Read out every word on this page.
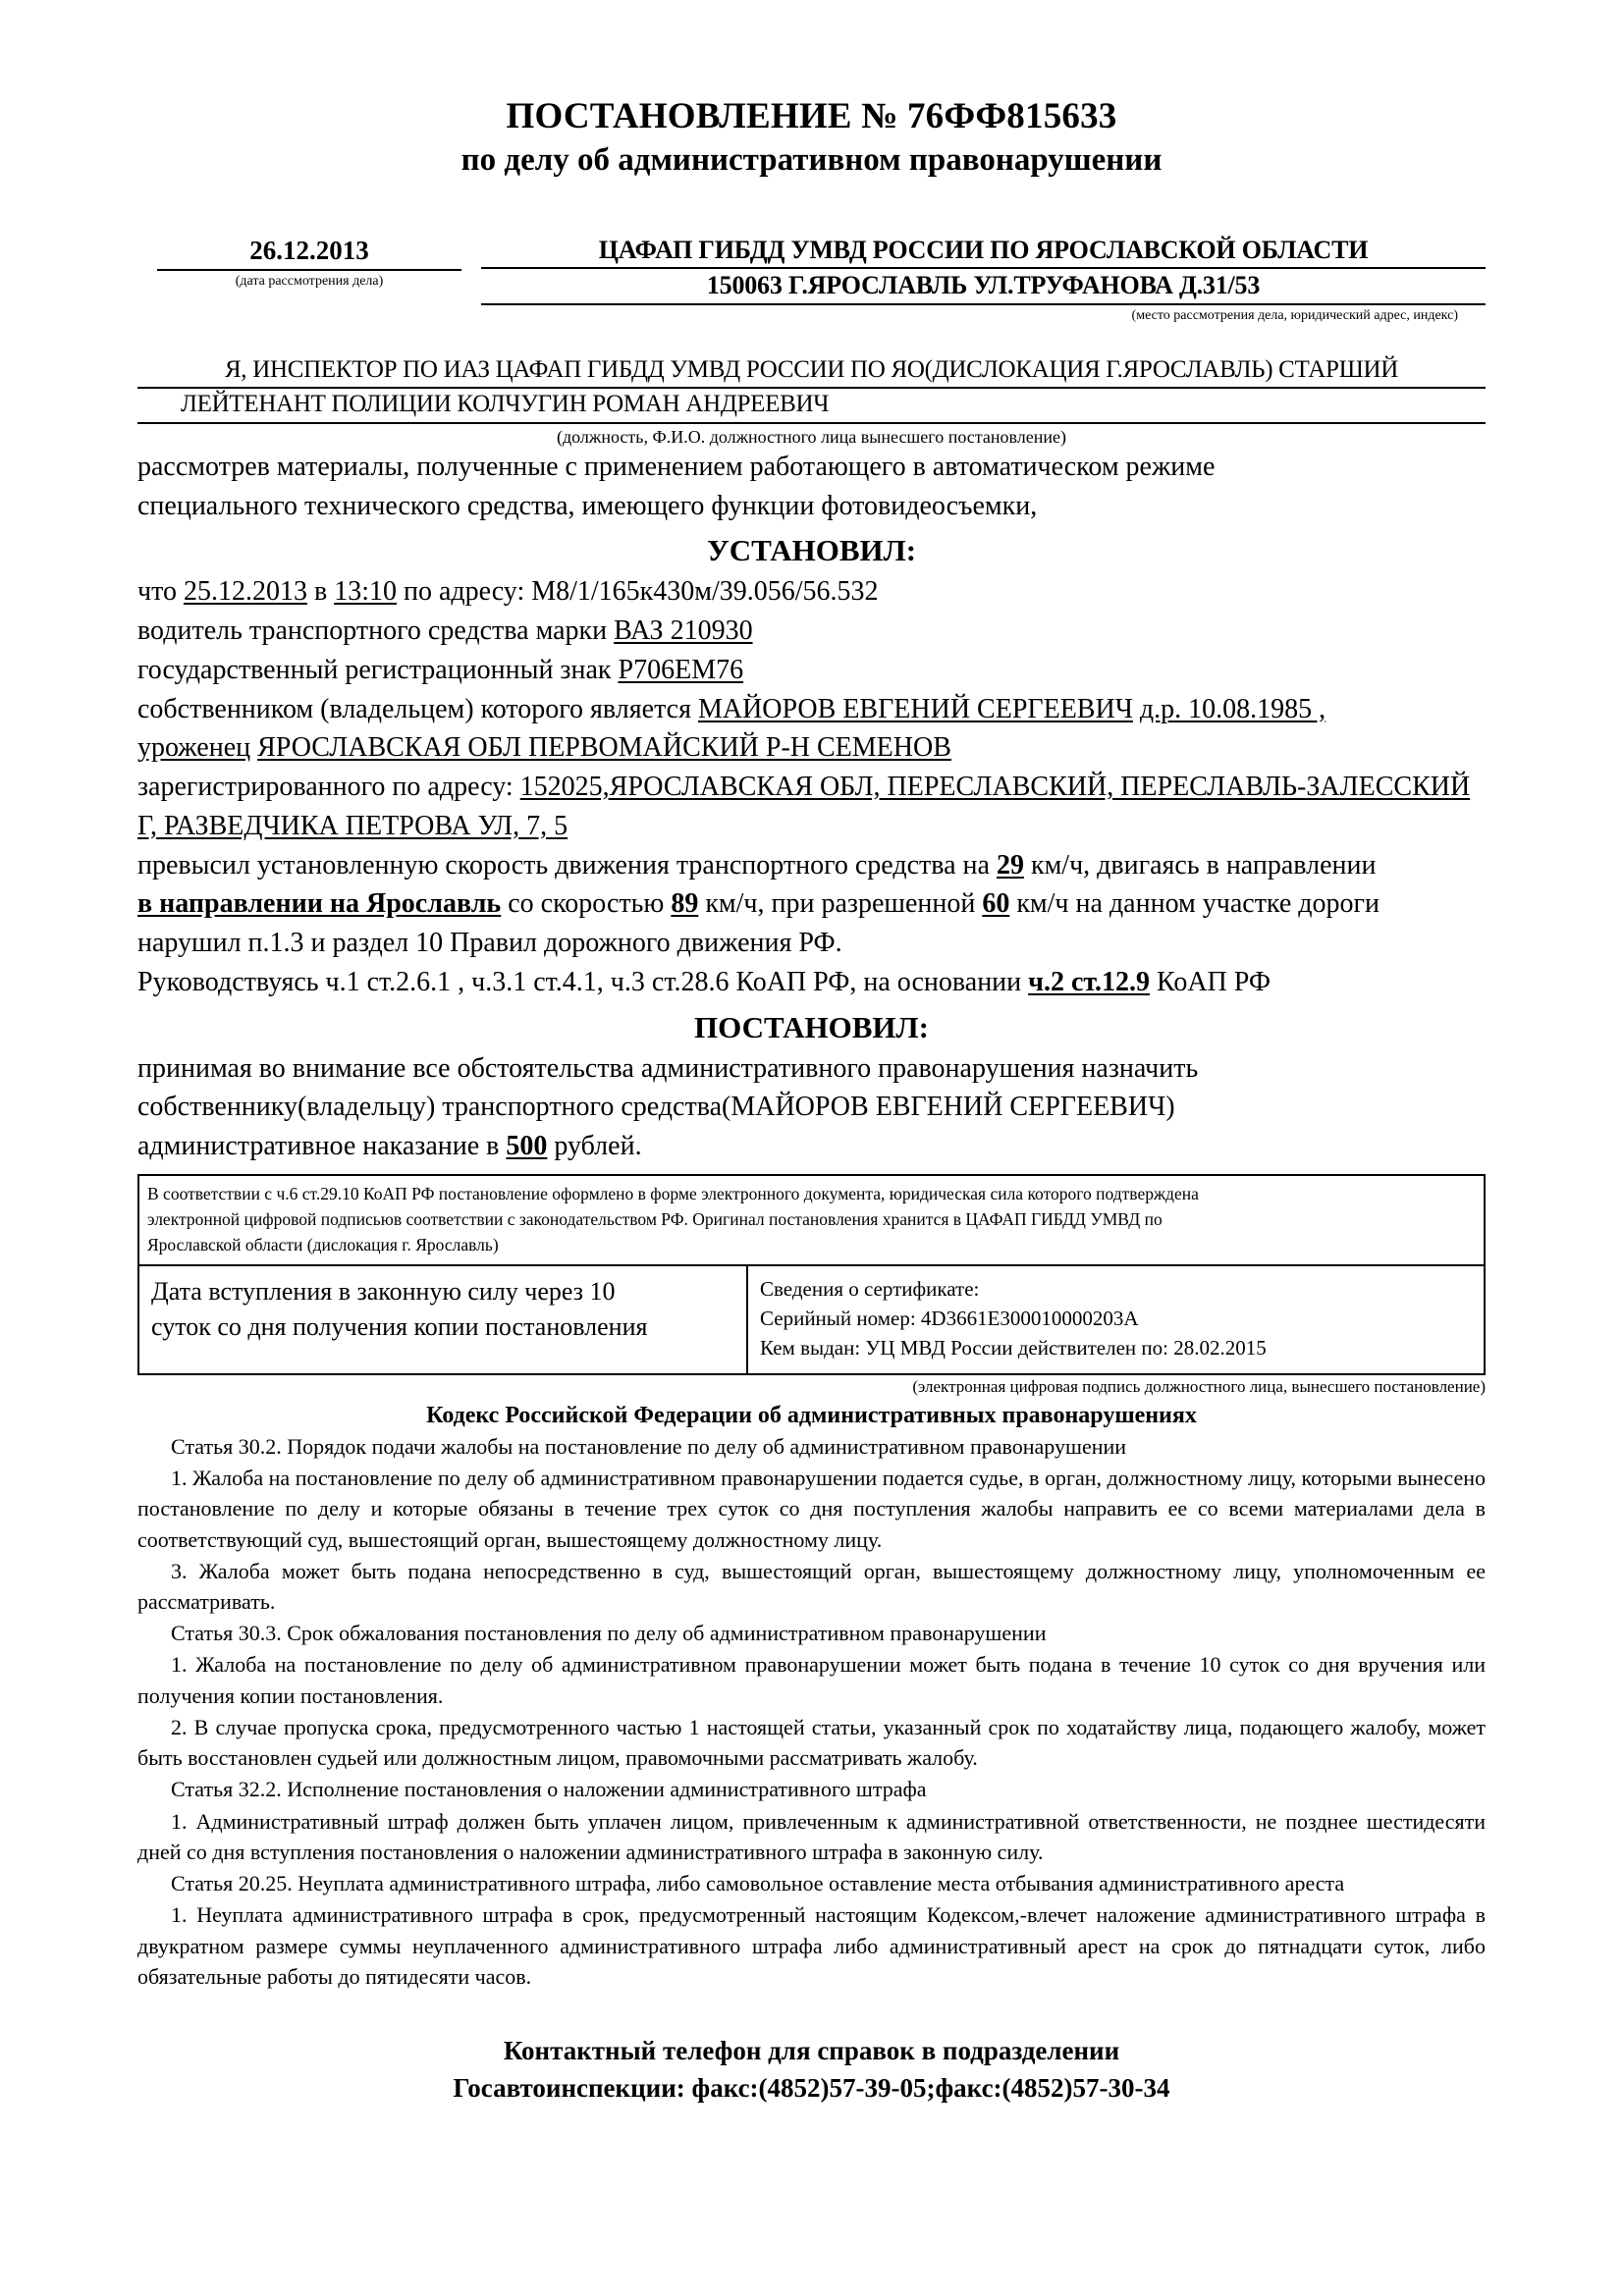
ПОСТАНОВЛЕНИЕ № 76ФФ815633
по делу об административном правонарушении
26.12.2013
(дата рассмотрения дела)
ЦАФАП ГИБДД УМВД РОССИИ ПО ЯРОСЛАВСКОЙ ОБЛАСТИ
150063 Г.ЯРОСЛАВЛЬ УЛ.ТРУФАНОВА Д.31/53
(место рассмотрения дела, юридический адрес, индекс)
Я, ИНСПЕКТОР ПО ИАЗ ЦАФАП ГИБДД УМВД РОССИИ ПО ЯО(ДИСЛОКАЦИЯ Г.ЯРОСЛАВЛЬ) СТАРШИЙ
ЛЕЙТЕНАНТ ПОЛИЦИИ КОЛЧУГИН РОМАН АНДРЕЕВИЧ
(должность, Ф.И.О. должностного лица вынесшего постановление)
рассмотрев материалы, полученные с применением работающего в автоматическом режиме
специального технического средства, имеющего функции фотовидеосъемки,
УСТАНОВИЛ:
что 25.12.2013 в 13:10 по адресу: M8/1/165к430м/39.056/56.532
водитель транспортного средства марки ВАЗ 210930
государственный регистрационный знак Р706ЕМ76
собственником (владельцем) которого является МАЙОРОВ ЕВГЕНИЙ СЕРГЕЕВИЧ д.р. 10.08.1985 ,
уроженец ЯРОСЛАВСКАЯ ОБЛ ПЕРВОМАЙСКИЙ Р-Н СЕМЕНОВ
зарегистрированного по адресу: 152025,ЯРОСЛАВСКАЯ ОБЛ, ПЕРЕСЛАВСКИЙ, ПЕРЕСЛАВЛЬ-ЗАЛЕССКИЙ Г, РАЗВЕДЧИКА ПЕТРОВА УЛ, 7, 5
превысил установленную скорость движения транспортного средства на 29 км/ч, двигаясь в направлении
в направлении на Ярославль со скоростью 89 км/ч, при разрешенной 60 км/ч на данном участке дороги
нарушил п.1.3 и раздел 10 Правил дорожного движения РФ.
Руководствуясь ч.1 ст.2.6.1 , ч.3.1 ст.4.1, ч.3 ст.28.6 КоАП РФ, на основании ч.2 ст.12.9 КоАП РФ
ПОСТАНОВИЛ:
принимая во внимание все обстоятельства административного правонарушения назначить
собственнику(владельцу) транспортного средства(МАЙОРОВ ЕВГЕНИЙ СЕРГЕЕВИЧ)
административное наказание в 500 рублей.
В соответствии с ч.6 ст.29.10 КоАП РФ постановление оформлено в форме электронного документа, юридическая сила которого подтверждена
электронной цифровой подписьюв соответствии с законодательством РФ. Оригинал постановления хранится в ЦАФАП ГИБДД УМВД по
Ярославской области (дислокация г. Ярославль)
Дата вступления в законную силу через 10
суток со дня получения копии постановления
Сведения о сертификате:
Серийный номер: 4D3661E300010000203A
Кем выдан: УЦ МВД России действителен по: 28.02.2015
(электронная цифровая подпись должностного лица, вынесшего постановление)
Кодекс Российской Федерации об административных правонарушениях
Статья 30.2. Порядок подачи жалобы на постановление по делу об административном правонарушении
1. Жалоба на постановление по делу об административном правонарушении подается судье, в орган, должностному лицу, которыми вынесено постановление по делу и которые обязаны в течение трех суток со дня поступления жалобы направить ее со всеми материалами дела в соответствующий суд, вышестоящий орган, вышестоящему должностному лицу.
3. Жалоба может быть подана непосредственно в суд, вышестоящий орган, вышестоящему должностному лицу, уполномоченным ее рассматривать.
Статья 30.3. Срок обжалования постановления по делу об административном правонарушении
1. Жалоба на постановление по делу об административном правонарушении может быть подана в течение 10 суток со дня вручения или получения копии постановления.
2. В случае пропуска срока, предусмотренного частью 1 настоящей статьи, указанный срок по ходатайству лица, подающего жалобу, может быть восстановлен судьей или должностным лицом, правомочными рассматривать жалобу.
Статья 32.2. Исполнение постановления о наложении административного штрафа
1. Административный штраф должен быть уплачен лицом, привлеченным к административной ответственности, не позднее шестидесяти дней со дня вступления постановления о наложении административного штрафа в законную силу.
Статья 20.25. Неуплата административного штрафа, либо самовольное оставление места отбывания административного ареста
1. Неуплата административного штрафа в срок, предусмотренный настоящим Кодексом,-влечет наложение административного штрафа в двукратном размере суммы неуплаченного административного штрафа либо административный арест на срок до пятнадцати суток, либо обязательные работы до пятидесяти часов.
Контактный телефон для справок в подразделении
Госавтоинспекции: факс:(4852)57-39-05;факс:(4852)57-30-34
